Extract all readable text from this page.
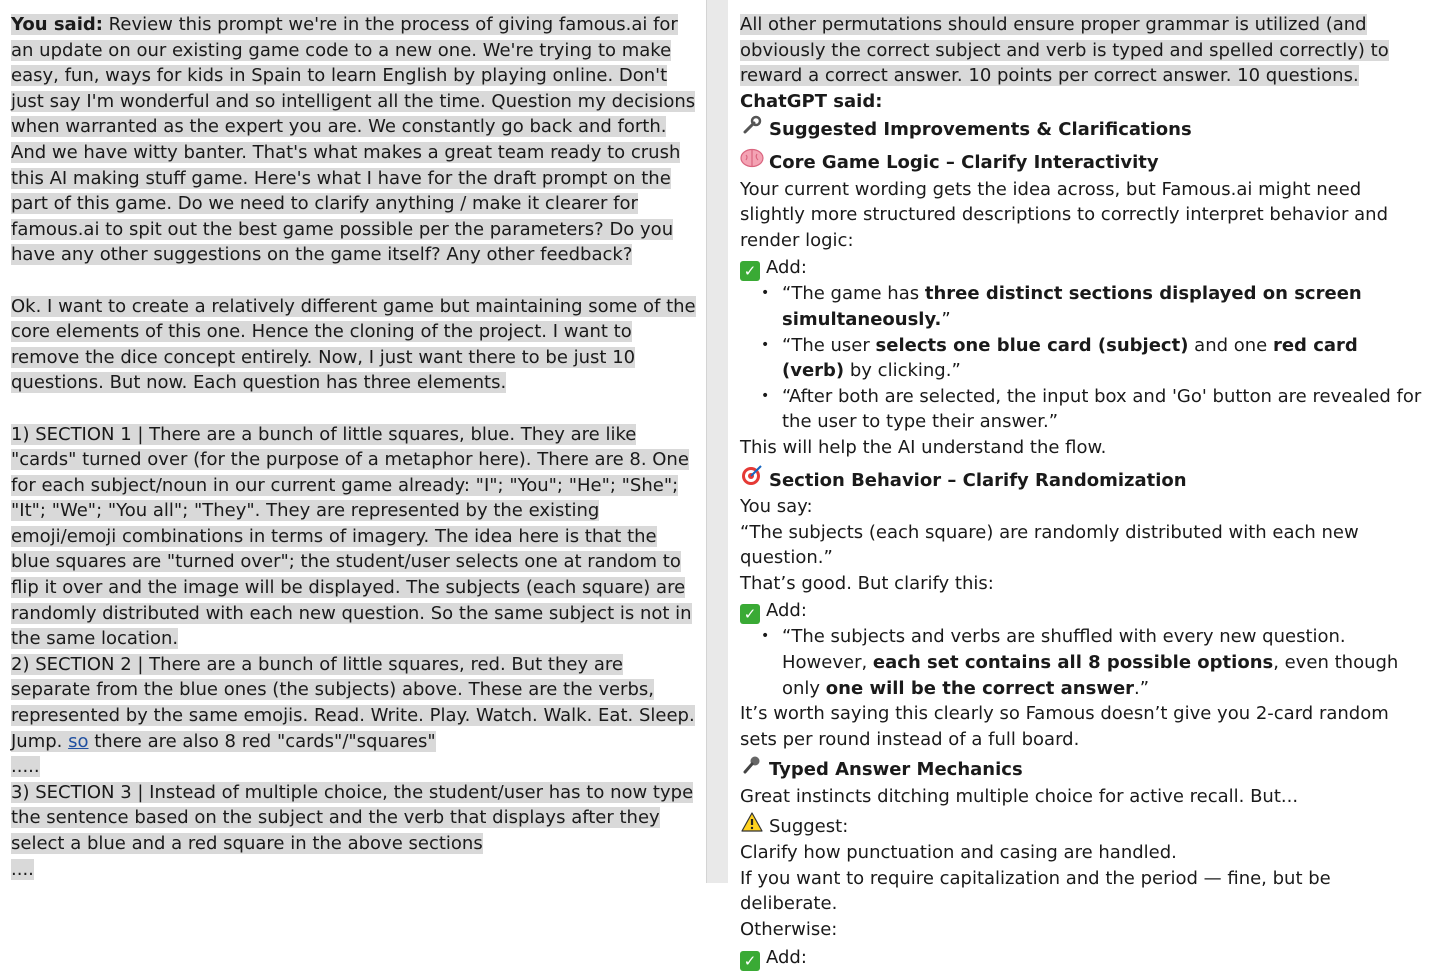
You said: Review this prompt we're in the process of giving famous.ai for an update on our existing game code to a new one. We're trying to make easy, fun, ways for kids in Spain to learn English by playing online. Don't just say I'm wonderful and so intelligent all the time. Question my decisions when warranted as the expert you are. We constantly go back and forth. And we have witty banter. That's what makes a great team ready to crush this AI making stuff game. Here's what I have for the draft prompt on the part of this game. Do we need to clarify anything / make it clearer for famous.ai to spit out the best game possible per the parameters? Do you have any other suggestions on the game itself? Any other feedback?

Ok. I want to create a relatively different game but maintaining some of the core elements of this one. Hence the cloning of the project. I want to remove the dice concept entirely. Now, I just want there to be just 10 questions. But now. Each question has three elements.

1) SECTION 1 | There are a bunch of little squares, blue. They are like "cards" turned over (for the purpose of a metaphor here). There are 8. One for each subject/noun in our current game already: "I"; "You"; "He"; "She"; "It"; "We"; "You all"; "They". They are represented by the existing emoji/emoji combinations in terms of imagery. The idea here is that the blue squares are "turned over"; the student/user selects one at random to flip it over and the image will be displayed. The subjects (each square) are randomly distributed with each new question. So the same subject is not in the same location.

2) SECTION 2 | There are a bunch of little squares, red. But they are separate from the blue ones (the subjects) above. These are the verbs, represented by the same emojis. Read. Write. Play. Watch. Walk. Eat. Sleep. Jump. so there are also 8 red "cards"/"squares"

.....

3) SECTION 3 | Instead of multiple choice, the student/user has to now type the sentence based on the subject and the verb that displays after they select a blue and a red square in the above sections

....

All other permutations should ensure proper grammar is utilized (and obviously the correct subject and verb is typed and spelled correctly) to reward a correct answer. 10 points per correct answer. 10 questions.

ChatGPT said:

Suggested Improvements & Clarifications

Core Game Logic – Clarify Interactivity

Your current wording gets the idea across, but Famous.ai might need slightly more structured descriptions to correctly interpret behavior and render logic:

✓ Add:

• “The game has three distinct sections displayed on screen simultaneously.”
• “The user selects one blue card (subject) and one red card (verb) by clicking.”
• “After both are selected, the input box and 'Go' button are revealed for the user to type their answer.”

This will help the AI understand the flow.

Section Behavior – Clarify Randomization

You say:

“The subjects (each square) are randomly distributed with each new question.”

That’s good. But clarify this:

✓ Add:

• “The subjects and verbs are shuffled with every new question. However, each set contains all 8 possible options, even though only one will be the correct answer.”

It’s worth saying this clearly so Famous doesn’t give you 2-card random sets per round instead of a full board.

Typed Answer Mechanics

Great instincts ditching multiple choice for active recall. But...

Suggest:

Clarify how punctuation and casing are handled.

If you want to require capitalization and the period — fine, but be deliberate.

Otherwise:

✓ Add:
